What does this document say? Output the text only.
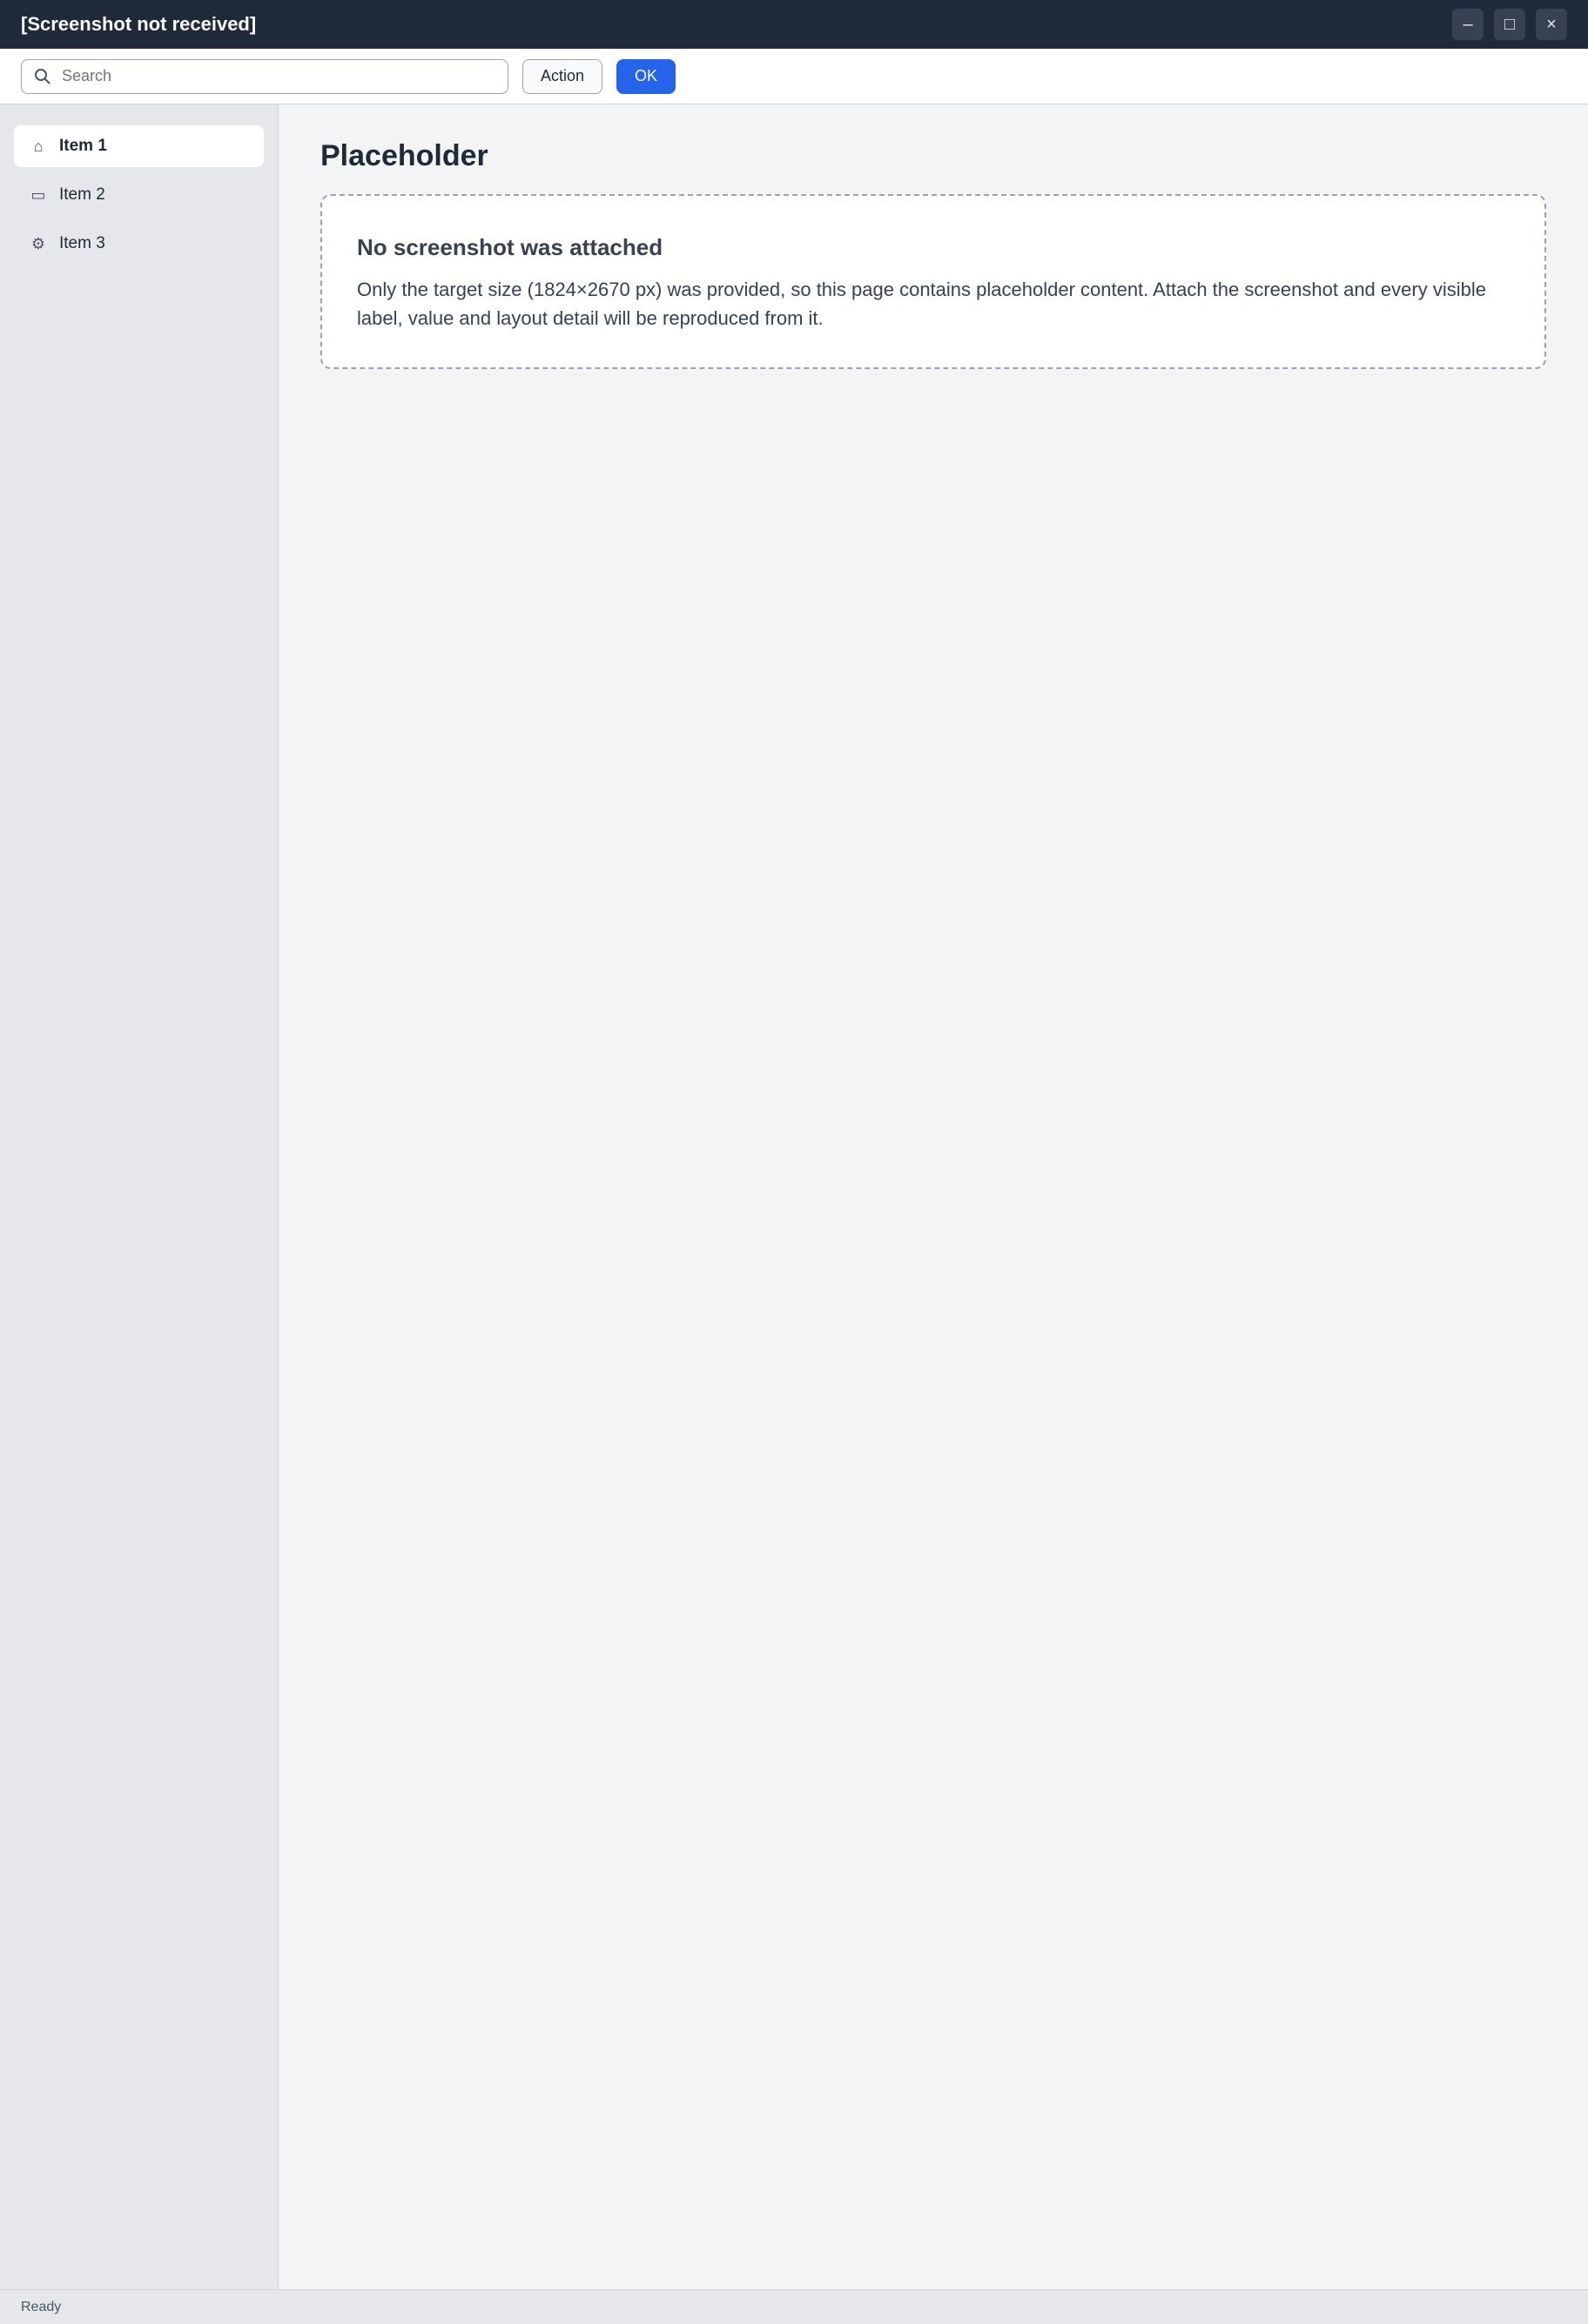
[Screenshot not received]	–	□	×
Search
Action	OK
⌂ Item 1
▭ Item 2
⚙ Item 3
Placeholder
No screenshot was attached
Only the target size (1824×2670 px) was provided, so this page contains placeholder content. Attach the screenshot and every visible label, value and layout detail will be reproduced from it.
Ready
